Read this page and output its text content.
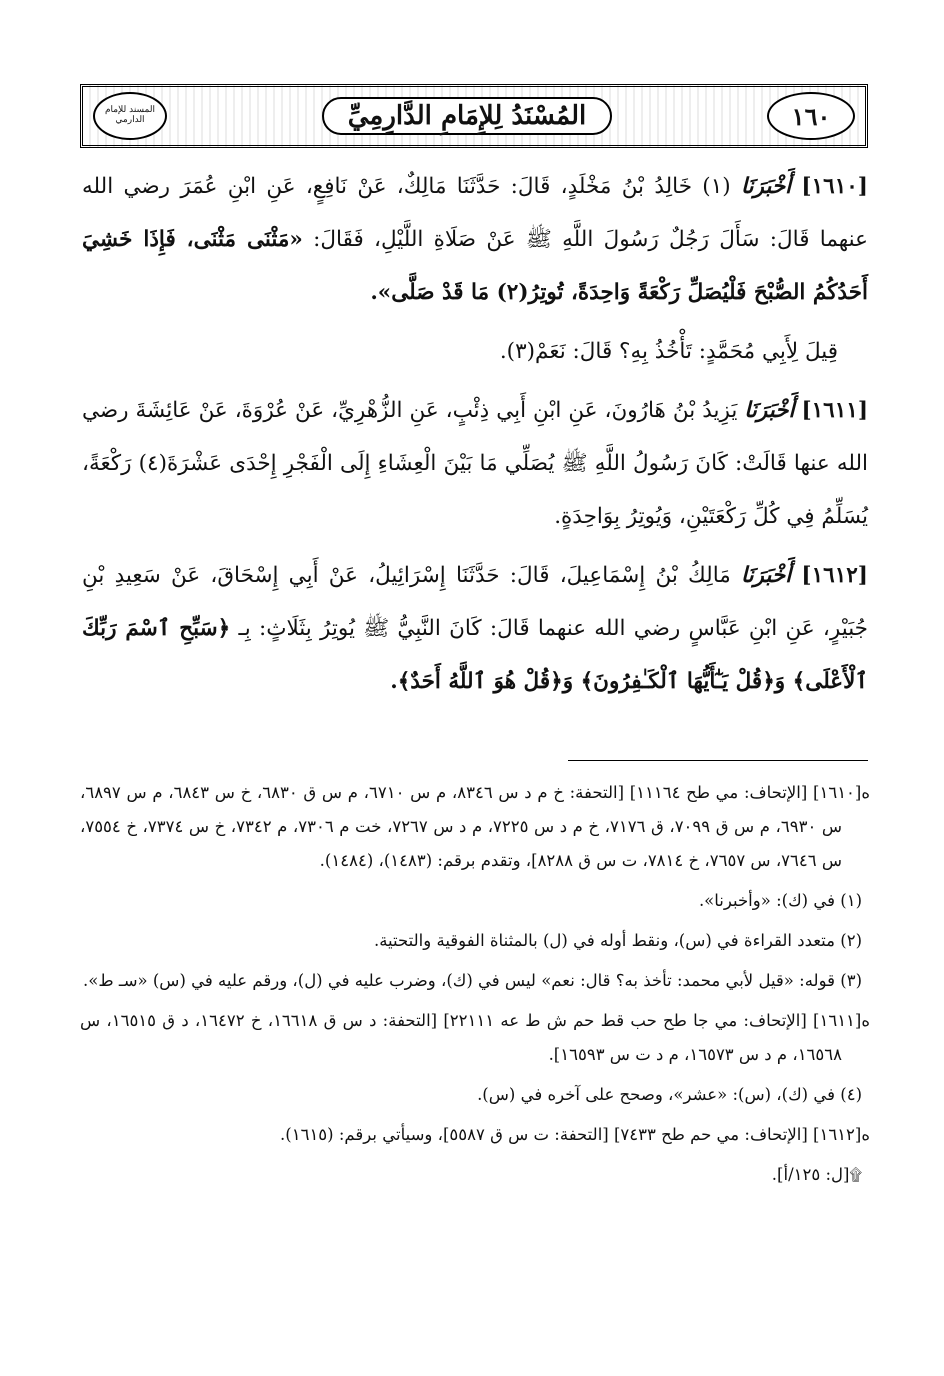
١٦٠
المُسْنَدُ لِلإِمَامِ الدَّارِمِيِّ
المسند للإمام الدارمي

[١٦١٠] أَخْبَرَنَا (١) خَالِدُ بْنُ مَخْلَدٍ، قَالَ: حَدَّثَنَا مَالِكٌ، عَنْ نَافِعٍ، عَنِ ابْنِ عُمَرَ رضي الله عنهما قَالَ: سَأَلَ رَجُلٌ رَسُولَ اللَّهِ ﷺ عَنْ صَلَاةِ اللَّيْلِ، فَقَالَ: «مَثْنَى مَثْنَى، فَإِذَا خَشِيَ أَحَدُكُمُ الصُّبْحَ فَلْيُصَلِّ رَكْعَةً وَاحِدَةً، تُوتِرُ(٢) مَا قَدْ صَلَّى».

قِيلَ لِأَبِي مُحَمَّدٍ: تَأْخُذُ بِهِ؟ قَالَ: نَعَمْ(٣).

[١٦١١] أَخْبَرَنَا يَزِيدُ بْنُ هَارُونَ، عَنِ ابْنِ أَبِي ذِئْبٍ، عَنِ الزُّهْرِيِّ، عَنْ عُرْوَةَ، عَنْ عَائِشَةَ رضي الله عنها قَالَتْ: كَانَ رَسُولُ اللَّهِ ﷺ يُصَلِّي مَا بَيْنَ الْعِشَاءِ إِلَى الْفَجْرِ إِحْدَى عَشْرَةَ(٤) رَكْعَةً، يُسَلِّمُ فِي كُلِّ رَكْعَتَيْنِ، وَيُوتِرُ بِوَاحِدَةٍ.

[١٦١٢] أَخْبَرَنَا مَالِكُ بْنُ إِسْمَاعِيلَ، قَالَ: حَدَّثَنَا إِسْرَائِيلُ، عَنْ أَبِي إِسْحَاقَ، عَنْ سَعِيدِ بْنِ جُبَيْرٍ، عَنِ ابْنِ عَبَّاسٍ رضي الله عنهما قَالَ: كَانَ النَّبِيُّ ﷺ يُوتِرُ بِثَلَاثٍ: بِـ ﴿سَبِّحِ ٱسْمَ رَبِّكَ ٱلْأَعْلَى﴾ وَ﴿قُلْ يَـٰٓأَيُّهَا ٱلْكَـٰفِرُونَ﴾ وَ﴿قُلْ هُوَ ٱللَّهُ أَحَدٌ﴾.

ه[١٦١٠] [الإتحاف: مي طح ١١١٦٤] [التحفة: خ م د س ٨٣٤٦، م س ٦٧١٠، م س ق ٦٨٣٠، خ س ٦٨٤٣، م س ٦٨٩٧، س ٦٩٣٠، م س ق ٧٠٩٩، ق ٧١٧٦، خ م د س ٧٢٢٥، م د س ٧٢٦٧، خت م ٧٣٠٦، م ٧٣٤٢، خ س ٧٣٧٤، خ ٧٥٥٤، س ٧٦٤٦، س ٧٦٥٧، خ ٧٨١٤، ت س ق ٨٢٨٨]، وتقدم برقم: (١٤٨٣)، (١٤٨٤).

(١) في (ك): «وأخبرنا».

(٢) متعدد القراءة في (س)، ونقط أوله في (ل) بالمثناة الفوقية والتحتية.

(٣) قوله: «قيل لأبي محمد: تأخذ به؟ قال: نعم» ليس في (ك)، وضرب عليه في (ل)، ورقم عليه في (س) «سـ ط».

ه[١٦١١] [الإتحاف: مي جا طح حب قط حم ش ط عه ٢٢١١١] [التحفة: د س ق ١٦٦١٨، خ ١٦٤٧٢، د ق ١٦٥١٥، س ١٦٥٦٨، م د س ١٦٥٧٣، م د ت س ١٦٥٩٣].

(٤) في (ك)، (س): «عشر»، وصحح على آخره في (س).

ه[١٦١٢] [الإتحاف: مي حم طح ٧٤٣٣] [التحفة: ت س ق ٥٥٨٧]، وسيأتي برقم: (١٦١٥).

۩[ل: ١٢٥/أ].
